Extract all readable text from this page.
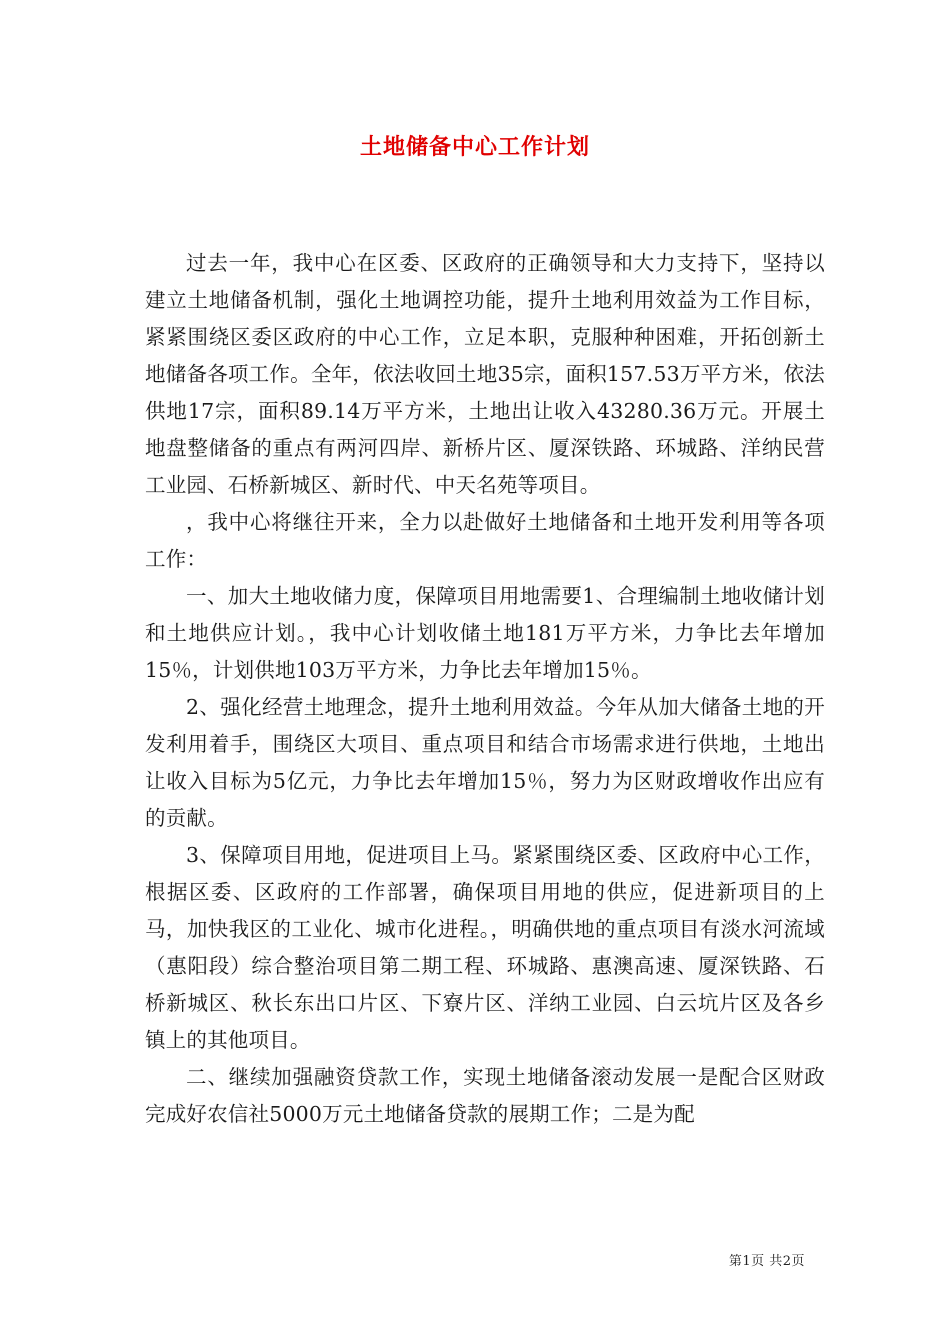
土地储备中心工作计划

过去一年，我中心在区委、区政府的正确领导和大力支持下，坚持以建立土地储备机制，强化土地调控功能，提升土地利用效益为工作目标，紧紧围绕区委区政府的中心工作，立足本职，克服种种困难，开拓创新土地储备各项工作。全年，依法收回土地35宗，面积157.53万平方米，依法供地17宗，面积89.14万平方米，土地出让收入43280.36万元。开展土地盘整储备的重点有两河四岸、新桥片区、厦深铁路、环城路、洋纳民营工业园、石桥新城区、新时代、中天名苑等项目。

，我中心将继往开来，全力以赴做好土地储备和土地开发利用等各项工作：

一、加大土地收储力度，保障项目用地需要1、合理编制土地收储计划和土地供应计划。，我中心计划收储土地181万平方米，力争比去年增加15％，计划供地103万平方米，力争比去年增加15％。

2、强化经营土地理念，提升土地利用效益。今年从加大储备土地的开发利用着手，围绕区大项目、重点项目和结合市场需求进行供地，土地出让收入目标为5亿元，力争比去年增加15％，努力为区财政增收作出应有的贡献。

3、保障项目用地，促进项目上马。紧紧围绕区委、区政府中心工作，根据区委、区政府的工作部署，确保项目用地的供应，促进新项目的上马，加快我区的工业化、城市化进程。，明确供地的重点项目有淡水河流域（惠阳段）综合整治项目第二期工程、环城路、惠澳高速、厦深铁路、石桥新城区、秋长东出口片区、下寮片区、洋纳工业园、白云坑片区及各乡镇上的其他项目。

二、继续加强融资贷款工作，实现土地储备滚动发展一是配合区财政完成好农信社5000万元土地储备贷款的展期工作；二是为配

第1页 共2页
